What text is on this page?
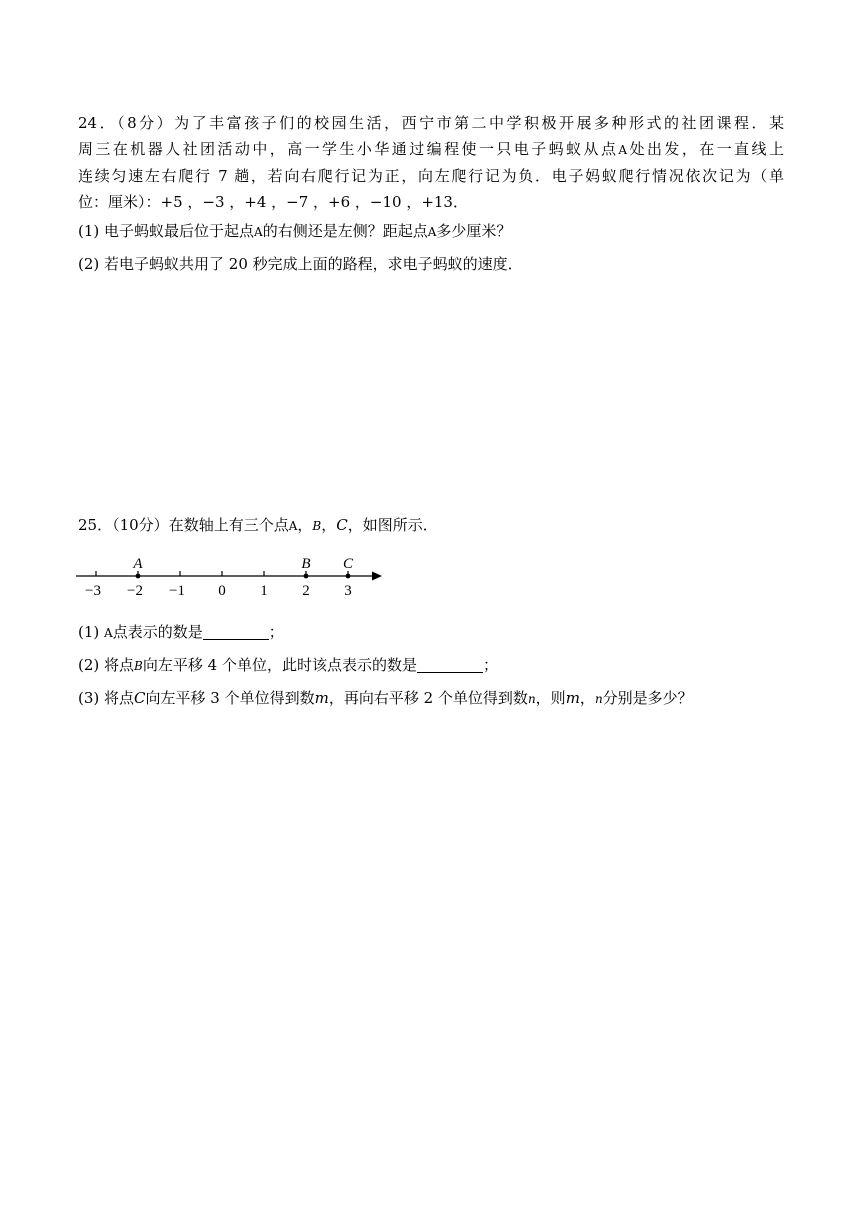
24．（8分）为了丰富孩子们的校园生活，西宁市第二中学积极开展多种形式的社团课程．某
周三在机器人社团活动中，高一学生小华通过编程使一只电子蚂蚁从点A处出发，在一直线上
连续匀速左右爬行 7 趟，若向右爬行记为正，向左爬行记为负．电子妈蚁爬行情况依次记为（单
位：厘米）：+5 ，−3 ，+4 ，−7 ，+6 ，−10 ，+13．
(1) 电子蚂蚁最后位于起点A的右侧还是左侧？距起点A多少厘米？
(2) 若电子蚂蚁共用了 20 秒完成上面的路程，求电子蚂蚁的速度．
25．（10分）在数轴上有三个点A，B，C，如图所示．
−3 −2 −1 0 1 2 3
A	B C
(1) A点表示的数是	；
(2) 将点B向左平移 4 个单位，此时该点表示的数是	；
(3) 将点C向左平移 3 个单位得到数m，再向右平移 2 个单位得到数n，则m，n分别是多少？
